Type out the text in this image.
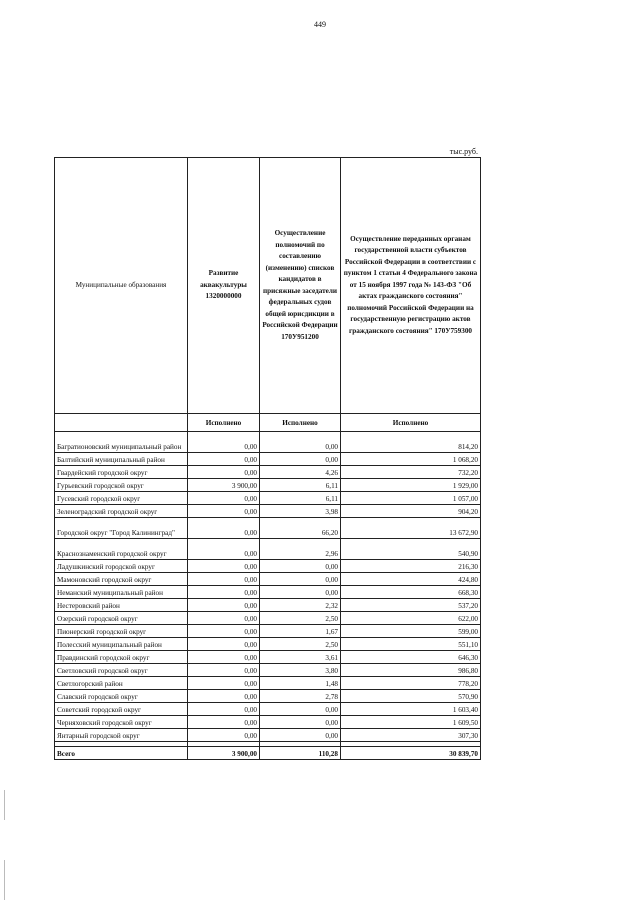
449
тыс.руб.
Муниципальные образования	Развитие аквакультуры 1320000000	Осуществление полномочий по составлению (изменению) списков кандидатов в присяжные заседатели федеральных судов общей юрисдикции в Российской Федерации 170У951200	Осуществление переданных органам государственной власти субъектов Российской Федерации в соответствии с пунктом 1 статьи 4 Федерального закона от 15 ноября 1997 года № 143-ФЗ "Об актах гражданского состояния" полномочий Российской Федерации на государственную регистрацию актов гражданского состояния" 170У759300
	Исполнено	Исполнено	Исполнено
Багратионовский муниципальный район	0,00	0,00	814,20
Балтийский муниципальный район	0,00	0,00	1 068,20
Гвардейский городской округ	0,00	4,26	732,20
Гурьевский городской округ	3 900,00	6,11	1 929,00
Гусевский городской округ	0,00	6,11	1 057,00
Зеленоградский городской округ	0,00	3,98	904,20
Городской округ "Город Калининград"	0,00	66,20	13 672,90
Краснознаменский городской округ	0,00	2,96	540,90
Ладушкинский городской округ	0,00	0,00	216,30
Мамоновский городской округ	0,00	0,00	424,80
Неманский муниципальный район	0,00	0,00	668,30
Нестеровский район	0,00	2,32	537,20
Озерский городской округ	0,00	2,50	622,00
Пионерский городской округ	0,00	1,67	599,00
Полесский муниципальный район	0,00	2,50	551,10
Правдинский городской округ	0,00	3,61	646,30
Светловский городской округ	0,00	3,80	986,80
Светлогорский район	0,00	1,48	778,20
Славский городской округ	0,00	2,78	570,90
Советский городской округ	0,00	0,00	1 603,40
Черняховский городской округ	0,00	0,00	1 609,50
Янтарный городской округ	0,00	0,00	307,30

Всего	3 900,00	110,28	30 839,70
